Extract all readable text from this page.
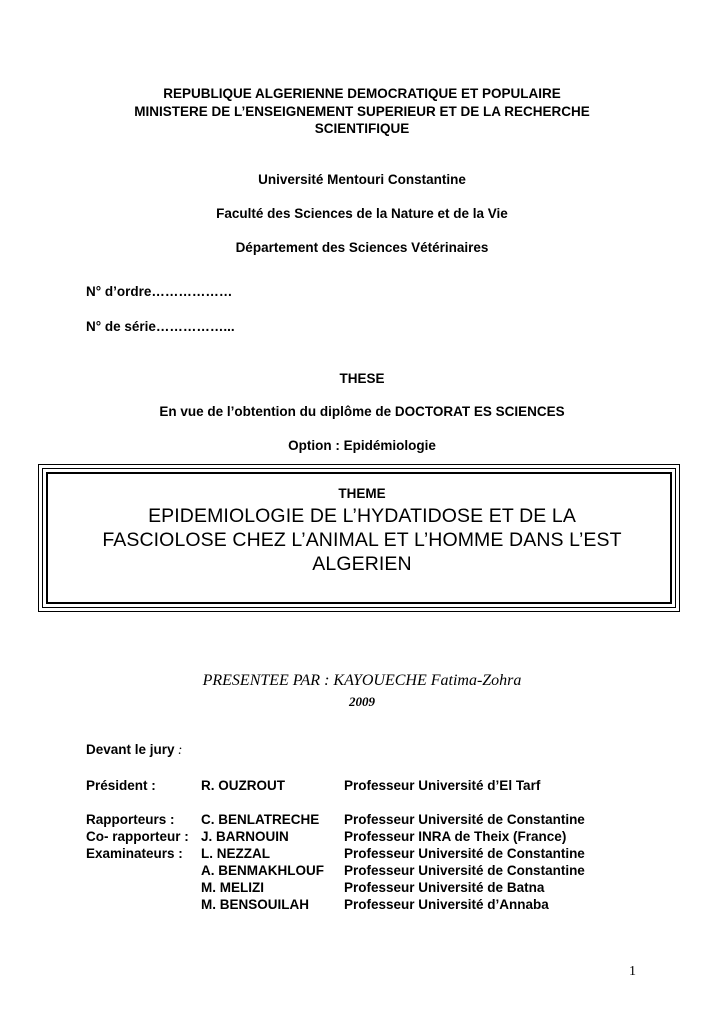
REPUBLIQUE ALGERIENNE DEMOCRATIQUE ET POPULAIRE
MINISTERE DE L’ENSEIGNEMENT SUPERIEUR ET DE LA RECHERCHE
SCIENTIFIQUE
Université Mentouri Constantine
Faculté des Sciences de la Nature et de la Vie
Département des Sciences Vétérinaires
N° d’ordre………………
N° de série……………...
THESE
En vue de l’obtention du diplôme de DOCTORAT ES SCIENCES
Option : Epidémiologie
THEME
EPIDEMIOLOGIE DE L’HYDATIDOSE ET DE LA
FASCIOLOSE CHEZ L’ANIMAL ET L’HOMME DANS L’EST
ALGERIEN
PRESENTEE PAR : KAYOUECHE Fatima-Zohra
2009
Devant le jury :
Président :	R. OUZROUT	Professeur Université d’El Tarf
Rapporteurs : C. BENLATRECHE Professeur Université de Constantine
Co- rapporteur : J. BARNOUIN	Professeur INRA de Theix (France)
Examinateurs : L. NEZZAL	Professeur Université de Constantine
A. BENMAKHLOUF Professeur Université de Constantine
M. MELIZI	Professeur Université de Batna
M. BENSOUILAH	Professeur Université d’Annaba
1
